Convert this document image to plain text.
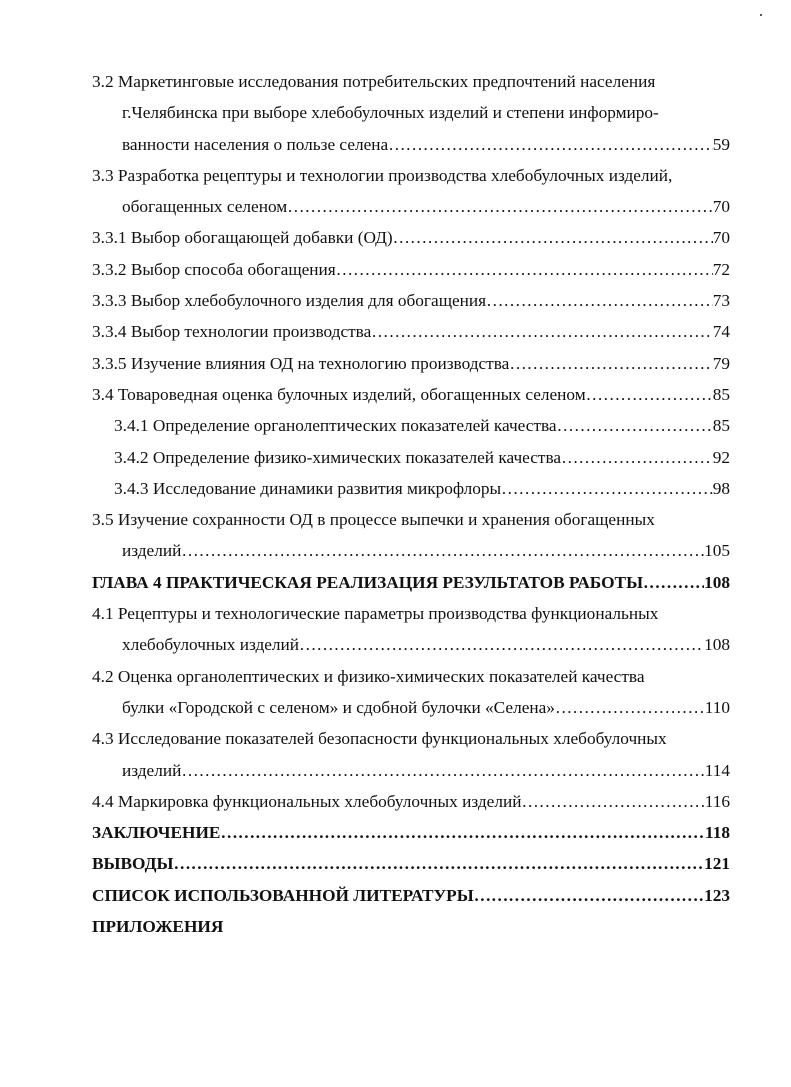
3.2 Маркетинговые исследования потребительских предпочтений населения
г.Челябинска при выборе хлебобулочных изделий и степени информиро-
ванности населения о пользе селена …………………………………………………………………………………………………………………………………………	59
3.3 Разработка рецептуры и технологии производства хлебобулочных изделий,
обогащенных селеном …………………………………………………………………………………………………………………………………………	70
3.3.1 Выбор обогащающей добавки (ОД) …………………………………………………………………………………………………………………………………………	70
3.3.2 Выбор способа обогащения …………………………………………………………………………………………………………………………………………	72
3.3.3 Выбор хлебобулочного изделия для обогащения …………………………………………………………………………………………………………………………………………	73
3.3.4 Выбор технологии производства …………………………………………………………………………………………………………………………………………	74
3.3.5 Изучение влияния ОД на технологию производства …………………………………………………………………………………………………………………………………………	79
3.4 Товароведная оценка булочных изделий, обогащенных селеном …………………………………………………………………………………………………………………………………………	85
3.4.1 Определение органолептических показателей качества …………………………………………………………………………………………………………………………………………	85
3.4.2 Определение физико-химических показателей качества …………………………………………………………………………………………………………………………………………	92
3.4.3 Исследование динамики развития микрофлоры …………………………………………………………………………………………………………………………………………	98
3.5 Изучение сохранности ОД в процессе выпечки и хранения обогащенных
изделий …………………………………………………………………………………………………………………………………………	105
ГЛАВА 4 ПРАКТИЧЕСКАЯ РЕАЛИЗАЦИЯ РЕЗУЛЬТАТОВ РАБОТЫ …………………………………………………………………………………………………………………………………………	108
4.1 Рецептуры и технологические параметры производства функциональных
хлебобулочных изделий …………………………………………………………………………………………………………………………………………	108
4.2 Оценка органолептических и физико-химических показателей качества
булки «Городской с селеном» и сдобной булочки «Селена» …………………………………………………………………………………………………………………………………………	110
4.3 Исследование показателей безопасности функциональных хлебобулочных
изделий …………………………………………………………………………………………………………………………………………	114
4.4 Маркировка функциональных хлебобулочных изделий …………………………………………………………………………………………………………………………………………	116
ЗАКЛЮЧЕНИЕ …………………………………………………………………………………………………………………………………………	118
ВЫВОДЫ …………………………………………………………………………………………………………………………………………	121
СПИСОК ИСПОЛЬЗОВАННОЙ ЛИТЕРАТУРЫ …………………………………………………………………………………………………………………………………………	123
ПРИЛОЖЕНИЯ
